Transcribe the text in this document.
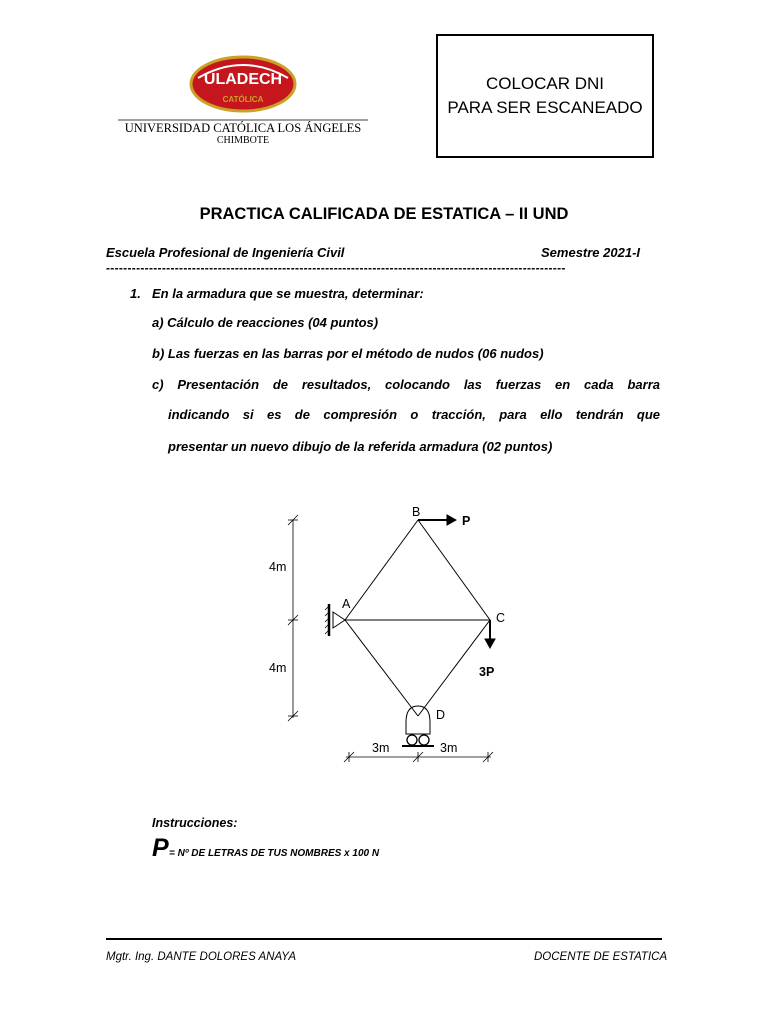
ULADECH
CATÓLICA
UNIVERSIDAD CATÓLICA LOS ÁNGELES
CHIMBOTE
COLOCAR DNI
PARA SER ESCANEADO
PRACTICA CALIFICADA DE ESTATICA – II UND
Escuela Profesional de Ingeniería Civil	Semestre 2021-I
-----------------------------------------------------------------------------------------------------------
1. En la armadura que se muestra, determinar:
a) Cálculo de reacciones (04 puntos)
b) Las fuerzas en las barras por el método de nudos (06 nudos)
c) Presentación de resultados, colocando las fuerzas en cada barra
indicando si es de compresión o tracción, para ello tendrán que
presentar un nuevo dibujo de la referida armadura (02 puntos)
P
3P
B
A
C
D
4m
4m
3m	3m
Instrucciones:
P = Nº DE LETRAS DE TUS NOMBRES x 100 N
Mgtr. Ing. DANTE DOLORES ANAYA	DOCENTE DE ESTATICA
